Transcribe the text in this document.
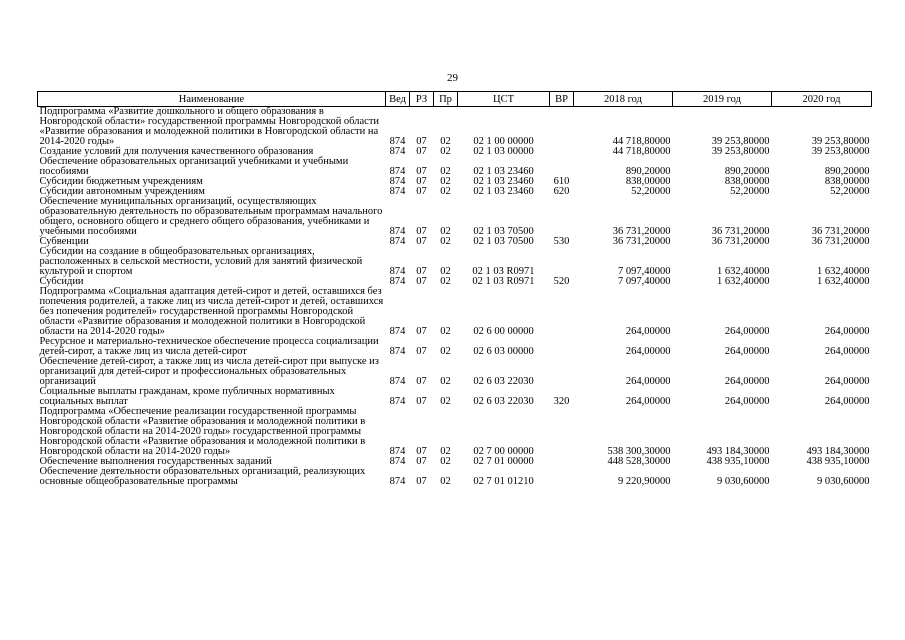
29
Наименование	Вед	РЗ	Пр	ЦСТ	ВР	2018 год	2019 год	2020 год
Подпрограмма «Развитие дошкольного и общего образования в Новгородской области» государственной программы Новгородской области «Развитие образования и молодежной политики в Новгородской области на 2014-2020 годы»	874	07	02	02 1 00 00000		44 718,80000	39 253,80000	39 253,80000
Создание условий для получения качественного образования	874	07	02	02 1 03 00000		44 718,80000	39 253,80000	39 253,80000
Обеспечение образовательных организаций учебниками и учебными пособиями	874	07	02	02 1 03 23460		890,20000	890,20000	890,20000
Субсидии бюджетным учреждениям	874	07	02	02 1 03 23460	610	838,00000	838,00000	838,00000
Субсидии автономным учреждениям	874	07	02	02 1 03 23460	620	52,20000	52,20000	52,20000
Обеспечение муниципальных организаций, осуществляющих образовательную деятельность по образовательным программам начального общего, основного общего и среднего общего образования, учебниками и учебными пособиями	874	07	02	02 1 03 70500		36 731,20000	36 731,20000	36 731,20000
Субвенции	874	07	02	02 1 03 70500	530	36 731,20000	36 731,20000	36 731,20000
Субсидии на создание в общеобразовательных организациях, расположенных в сельской местности, условий для занятий физической культурой и спортом	874	07	02	02 1 03 R0971		7 097,40000	1 632,40000	1 632,40000
Субсидии	874	07	02	02 1 03 R0971	520	7 097,40000	1 632,40000	1 632,40000
Подпрограмма «Социальная адаптация детей-сирот и детей, оставшихся без попечения родителей, а также лиц из числа детей-сирот и детей, оставшихся без попечения родителей» государственной программы Новгородской области «Развитие образования и молодежной политики в Новгородской области на 2014-2020 годы»	874	07	02	02 6 00 00000		264,00000	264,00000	264,00000
Ресурсное и материально-техническое обеспечение процесса социализации детей-сирот, а также лиц из числа детей-сирот	874	07	02	02 6 03 00000		264,00000	264,00000	264,00000
Обеспечение детей-сирот, а также лиц из числа детей-сирот при выпуске из организаций для детей-сирот и профессиональных образовательных организаций	874	07	02	02 6 03 22030		264,00000	264,00000	264,00000
Социальные выплаты гражданам, кроме публичных нормативных социальных выплат	874	07	02	02 6 03 22030	320	264,00000	264,00000	264,00000
Подпрограмма «Обеспечение реализации государственной программы Новгородской области «Развитие образования и молодежной политики в Новгородской области на 2014-2020 годы» государственной программы Новгородской области «Развитие образования и молодежной политики в Новгородской области на 2014-2020 годы»	874	07	02	02 7 00 00000		538 300,30000	493 184,30000	493 184,30000
Обеспечение выполнения государственных заданий	874	07	02	02 7 01 00000		448 528,30000	438 935,10000	438 935,10000
Обеспечение деятельности образовательных организаций, реализующих основные общеобразовательные программы	874	07	02	02 7 01 01210		9 220,90000	9 030,60000	9 030,60000
